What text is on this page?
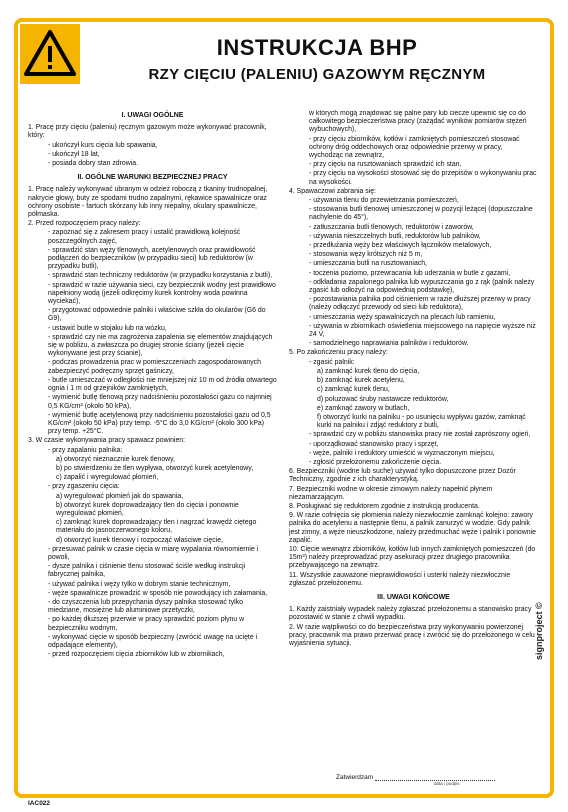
INSTRUKCJA BHP
RZY CIĘCIU (PALENIU) GAZOWYM RĘCZNYM
I. UWAGI OGÓLNE
1. Pracę przy cięciu (paleniu) ręcznym gazowym może wykonywać pracownik, który:
- ukończył kurs cięcia lub spawania,
- ukończył 18 lat,
- posiada dobry stan zdrowia.
II. OGÓLNE WARUNKI BEZPIECZNEJ PRACY
1. Pracę należy wykonywać ubranym w odzież roboczą z tkaniny trudnopalnej, nakrycie głowy, buty ze spodami trudno zapalnymi, rękawice spawalnicze oraz ochrony osobiste - fartuch skórzany lub inny niepalny, okulary spawalnicze, półmaska.
2. Przed rozpoczęciem pracy należy:
- zapoznać się z zakresem pracy i ustalić prawidłową kolejność poszczególnych zajęć,
- sprawdzić stan węży tlenowych, acetylenowych oraz prawidłowość podłączeń do bezpieczników (w przypadku sieci) lub reduktorów (w przypadku butli),
- sprawdzić stan techniczny reduktorów (w przypadku korzystania z butli),
- sprawdzić w razie używania sieci, czy bezpiecznik wodny jest prawidłowo napełniony wodą (jeżeli odkręcimy kurek kontrolny woda powinna wyciekać),
- przygotować odpowiednie palniki i właściwe szkła do okularów (G6 do G9),
- ustawić butle w stojaku lub na wózku,
- sprawdzić czy nie ma zagrożenia zapalenia się elementów znajdujących się w pobliżu, a zwłaszcza po drugiej stronie ściany (jeżeli cięcie wykonywane jest przy ścianie),
- podczas prowadzenia prac w pomieszczeniach zagospodarowanych zabezpieczyć podręczny sprzęt gaśniczy,
- butle umieszczać w odległości nie mniejszej niż 10 m od źródła otwartego ognia i 1 m od grzejników zamkniętych,
- wymienić butlę tlenową przy nadciśnieniu pozostałości gazu co najmniej 0,5 KG/cm² (około 50 kPa),
- wymienić butlę acetylenową przy nadciśnieniu pozostałości gazu od 0,5 KG/cm² (około 50 kPa) przy temp. -5°C do 3,0 KG/cm² (około 300 kPa) przy temp. +25°C.
3. W czasie wykonywania pracy spawacz powinien:
- przy zapalaniu palnika:
a) otworzyć nieznacznie kurek tlenowy,
b) po stwierdzeniu że tlen wypływa, otworzyć kurek acetylenowy,
c) zapalić i wyregulować płomień,
- przy zgaszeniu cięcia:
a) wyregulować płomień jak do spawania,
b) otworzyć kurek doprowadzający tlen do cięcia i ponownie wyregulować płomień,
c) zamknąć kurek doprowadzający tlen i nagrzać krawędź ciętego materiału do jasnoczerwonego koloru,
d) otworzyć kurek tlenowy i rozpocząć właściwe cięcie,
- przesuwać palnik w czasie cięcia w miarę wypalania równomiernie i powoli,
- dysze palnika i ciśnienie tlenu stosować ściśle według instrukcji fabrycznej palnika,
- używać palnika i węży tylko w dobrym stanie technicznym,
- węże spawalnicze prowadzić w sposób nie powodujący ich załamania,
- do czyszczenia lub przepychania dyszy palnika stosować tylko miedziane, mosiężne lub aluminiowe przetyczki,
- po każdej dłuższej przerwie w pracy sprawdzić poziom płynu w bezpieczniku wodnym,
- wykonywać cięcie w sposób bezpieczny (zwrócić uwagę na ucięte i odpadające elementy),
- przed rozpoczęciem cięcia zbiorników lub w zbiornikach,
w których mogą znajdować się palne pary lub ciecze upewnić się co do całkowitego bezpieczeństwa pracy (zażądać wyników pomiarów stężeń wybuchowych),
- przy cięciu zbiorników, kotłów i zamkniętych pomieszczeń stosować ochrony dróg oddechowych oraz odpowiednie przerwy w pracy, wychodząc na zewnątrz,
- przy cięciu na rusztowaniach sprawdzić ich stan,
- przy cięciu na wysokości stosować się do przepisów o wykonywaniu prac na wysokości.
4. Spawaczowi zabrania się:
- używania tlenu do przewietrzania pomieszczeń,
- stosowania butli tlenowej umieszczonej w pozycji leżącej (dopuszczalne nachylenie do 45°),
- zatłuszczania butli tlenowych, reduktorów i zaworów,
- używania nieszczelnych butli, reduktorów lub palników,
- przedłużania węży bez właściwych łączników metalowych,
- stosowania węży krótszych niż 5 m,
- umieszczania butli na rusztowaniach,
- toczenia poziomo, przewracania lub uderzania w butle z gazami,
- odkładania zapalonego palnika lub wypuszczania go z rąk (palnik należy zgasić lub odłożyć na odpowiednią podstawkę),
- pozostawiania palnika pod ciśnieniem w razie dłuższej przerwy w pracy (należy odłączyć przewody od sieci lub reduktora),
- umieszczania węży spawalniczych na plecach lub ramieniu,
- używania w zbiornikach oświetlenia miejscowego na napięcie wyższe niż 24 V,
- samodzielnego naprawiania palników i reduktorów.
5. Po zakończeniu pracy należy:
- zgasić palnik:
a) zamknąć kurek tlenu do cięcia,
b) zamknąć kurek acetylenu,
c) zamknąć kurek tlenu,
d) poluzować śruby nastawcze reduktorów,
e) zamknąć zawory w butlach,
f) otworzyć kurki na palniku - po usunięciu wypływu gazów, zamknąć kurki na palniku i zdjąć reduktory z butli,
- sprawdzić czy w pobliżu stanowiska pracy nie został zaprószony ogień,
- uporządkować stanowisko pracy i sprzęt,
- węże, palniki i reduktory umieścić w wyznaczonym miejscu,
- zgłosić przełożonemu zakończenie cięcia.
6. Bezpieczniki (wodne lub suche) używać tylko dopuszczone przez Dozór Techniczny, zgodnie z ich charakterystyką.
7. Bezpieczniki wodne w okresie zimowym należy napełnić płynem niezamarzającym.
8. Posługiwać się reduktorem zgodnie z instrukcją producenta.
9. W razie cofnięcia się płomienia należy niezwłocznie zamknąć kolejno: zawory palnika do acetylenu a następnie tlenu, a palnik zanurzyć w wodzie. Gdy palnik jest zimny, a węże nieuszkodzone, należy przedmuchać węże i palnik i ponownie zapalić.
10. Cięcie wewnątrz zbiorników, kotłów lub innych zamkniętych pomieszczeń (do 15m³) należy przeprowadzać przy asekuracji przez drugiego pracownika przebywającego na zewnątrz.
11. Wszystkie zauważone nieprawidłowości i usterki należy niezwłocznie zgłaszać przełożonemu.
III. UWAGI KOŃCOWE
1. Każdy zaistniały wypadek należy zgłaszać przełożonemu a stanowisko pracy pozostawić w stanie z chwili wypadku.
2. W razie wątpliwości co do bezpieczeństwa przy wykonywaniu powierzonej pracy, pracownik ma prawo przerwać pracę i zwrócić się do przełożonego w celu wyjaśnienia sytuacji.	signproject ©
Zatwierdzam
data i podpis
IAC022
